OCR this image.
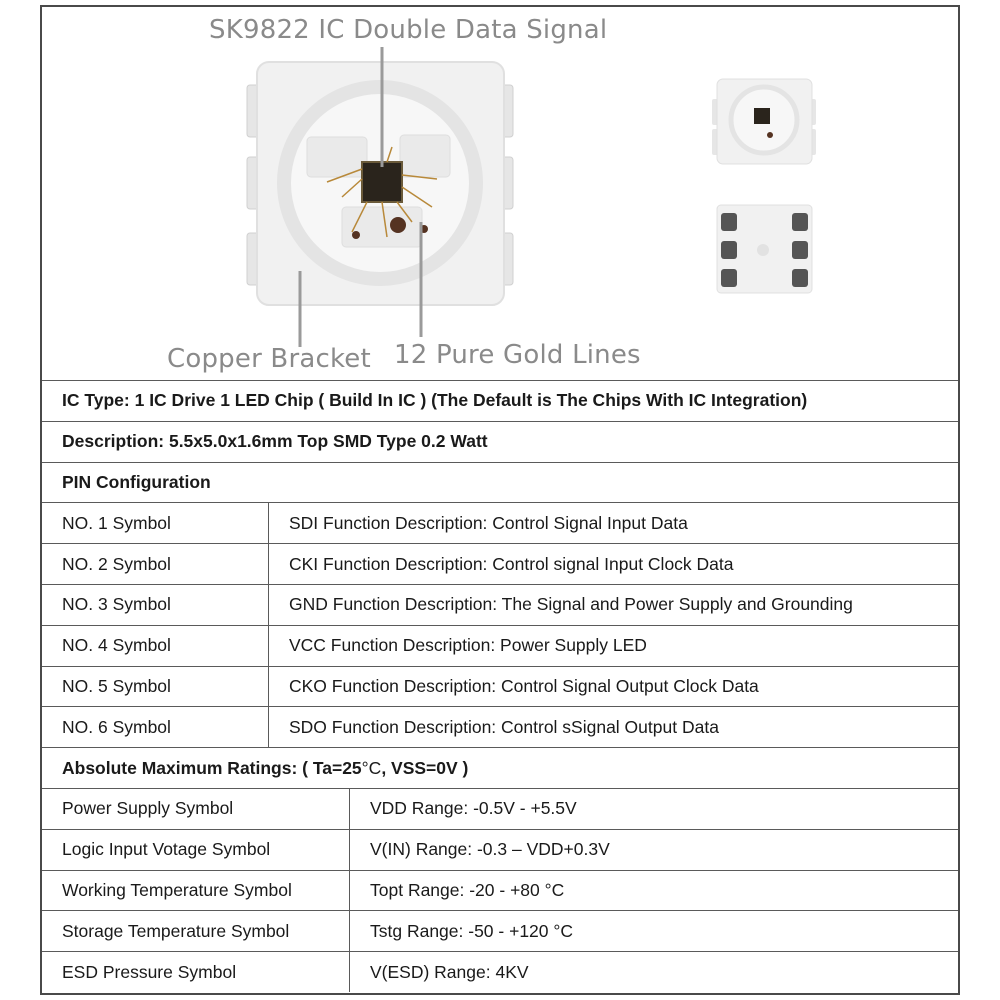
SK9822 IC Double Data Signal
Copper Bracket 12 Pure Gold Lines
IC Type: 1 IC Drive 1 LED Chip ( Build In IC ) (The Default is The Chips With IC Integration)
Description: 5.5x5.0x1.6mm Top SMD Type 0.2 Watt
PIN Configuration
NO. 1 Symbol	SDI Function Description: Control Signal Input Data
NO. 2 Symbol	CKI Function Description: Control signal Input Clock Data
NO. 3 Symbol	GND Function Description: The Signal and Power Supply and Grounding
NO. 4 Symbol	VCC Function Description: Power Supply LED
NO. 5 Symbol	CKO Function Description: Control Signal Output Clock Data
NO. 6 Symbol	SDO Function Description: Control sSignal Output Data
Absolute Maximum Ratings: ( Ta=25 °C , VSS=0V )
Power Supply Symbol	VDD Range: -0.5V - +5.5V
Logic Input Votage Symbol	V(IN) Range: -0.3 – VDD+0.3V
Working Temperature Symbol	Topt Range: -20 - +80 °C
Storage Temperature Symbol	Tstg Range: -50 - +120 °C
ESD Pressure Symbol	V(ESD) Range: 4KV
